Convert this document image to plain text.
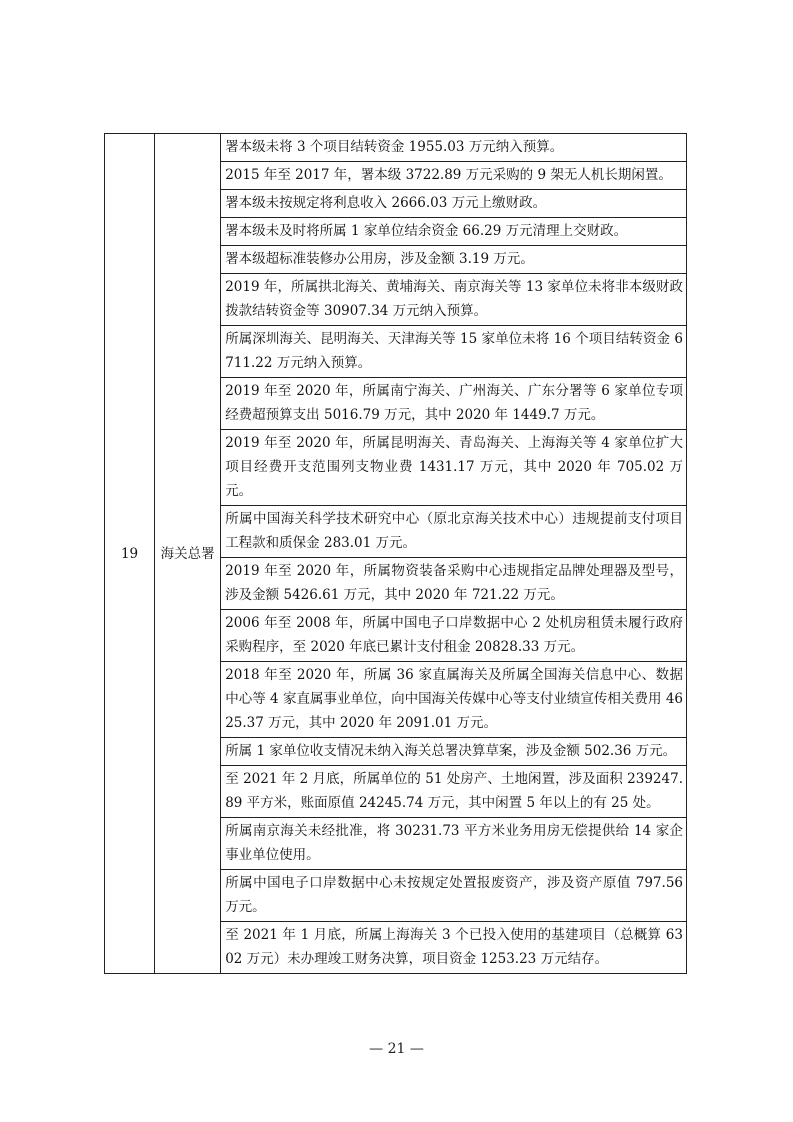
19	海关总署	
署本级未将 3 个项目结转资金 1955.03 万元纳入预算。

2015 年至 2017 年，署本级 3722.89 万元采购的 9 架无人机长期闲置。

署本级未按规定将利息收入 2666.03 万元上缴财政。

署本级未及时将所属 1 家单位结余资金 66.29 万元清理上交财政。

署本级超标准装修办公用房，涉及金额 3.19 万元。

2019 年，所属拱北海关、黄埔海关、南京海关等 13 家单位未将非本级财政拨款结转资金等 30907.34 万元纳入预算。

所属深圳海关、昆明海关、天津海关等 15 家单位未将 16 个项目结转资金 6711.22 万元纳入预算。

2019 年至 2020 年，所属南宁海关、广州海关、广东分署等 6 家单位专项经费超预算支出 5016.79 万元，其中 2020 年 1449.7 万元。

2019 年至 2020 年，所属昆明海关、青岛海关、上海海关等 4 家单位扩大项目经费开支范围列支物业费 1431.17 万元，其中 2020 年 705.02 万元。

所属中国海关科学技术研究中心（原北京海关技术中心）违规提前支付项目工程款和质保金 283.01 万元。

2019 年至 2020 年，所属物资装备采购中心违规指定品牌处理器及型号，涉及金额 5426.61 万元，其中 2020 年 721.22 万元。

2006 年至 2008 年，所属中国电子口岸数据中心 2 处机房租赁未履行政府采购程序，至 2020 年底已累计支付租金 20828.33 万元。

2018 年至 2020 年，所属 36 家直属海关及所属全国海关信息中心、数据中心等 4 家直属事业单位，向中国海关传媒中心等支付业绩宣传相关费用 4625.37 万元，其中 2020 年 2091.01 万元。

所属 1 家单位收支情况未纳入海关总署决算草案，涉及金额 502.36 万元。

至 2021 年 2 月底，所属单位的 51 处房产、土地闲置，涉及面积 239247.89 平方米，账面原值 24245.74 万元，其中闲置 5 年以上的有 25 处。

所属南京海关未经批准，将 30231.73 平方米业务用房无偿提供给 14 家企事业单位使用。

所属中国电子口岸数据中心未按规定处置报废资产，涉及资产原值 797.56 万元。

至 2021 年 1 月底，所属上海海关 3 个已投入使用的基建项目（总概算 6302 万元）未办理竣工财务决算，项目资金 1253.23 万元结存。
— 21 —
